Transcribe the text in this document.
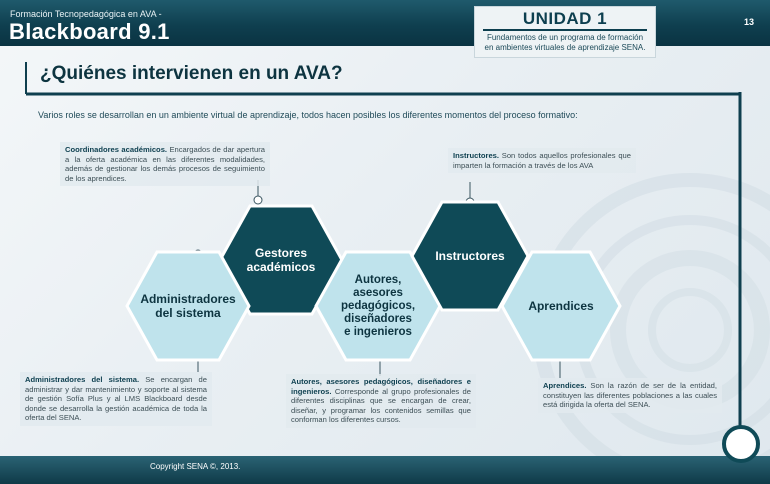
Formación Tecnopedagógica en AVA -
Blackboard 9.1	13
UNIDAD 1
Fundamentos de un programa de formación
en ambientes virtuales de aprendizaje SENA.
¿Quiénes intervienen en un AVA?
Varios roles se desarrollan en un ambiente virtual de aprendizaje, todos hacen posibles los diferentes momentos del proceso formativo:
Gestores
académicos
Administradores
del sistema
Autores,
asesores
pedagógicos,
diseñadores
e ingenieros
Instructores
Aprendices
Coordinadores académicos. Encargados de dar apertura a la oferta académica en las diferentes modalidades, además de gestionar los demás procesos de seguimiento de los aprendices.
Instructores. Son todos aquellos profesionales que imparten la formación a través de los AVA
Administradores del sistema. Se encargan de administrar y dar mantenimiento y soporte al sistema de gestión Sofía Plus y al LMS Blackboard desde donde se desarrolla la gestión académica de toda la oferta del SENA.
Autores, asesores pedagógicos, diseñadores e ingenieros. Corresponde al grupo profesionales de diferentes disciplinas que se encargan de crear, diseñar, y programar los contenidos semillas que conforman los diferentes cursos.
Aprendices. Son la razón de ser de la entidad, constituyen las diferentes poblaciones a las cuales está dirigida la oferta del SENA.
Copyright SENA ©, 2013.
